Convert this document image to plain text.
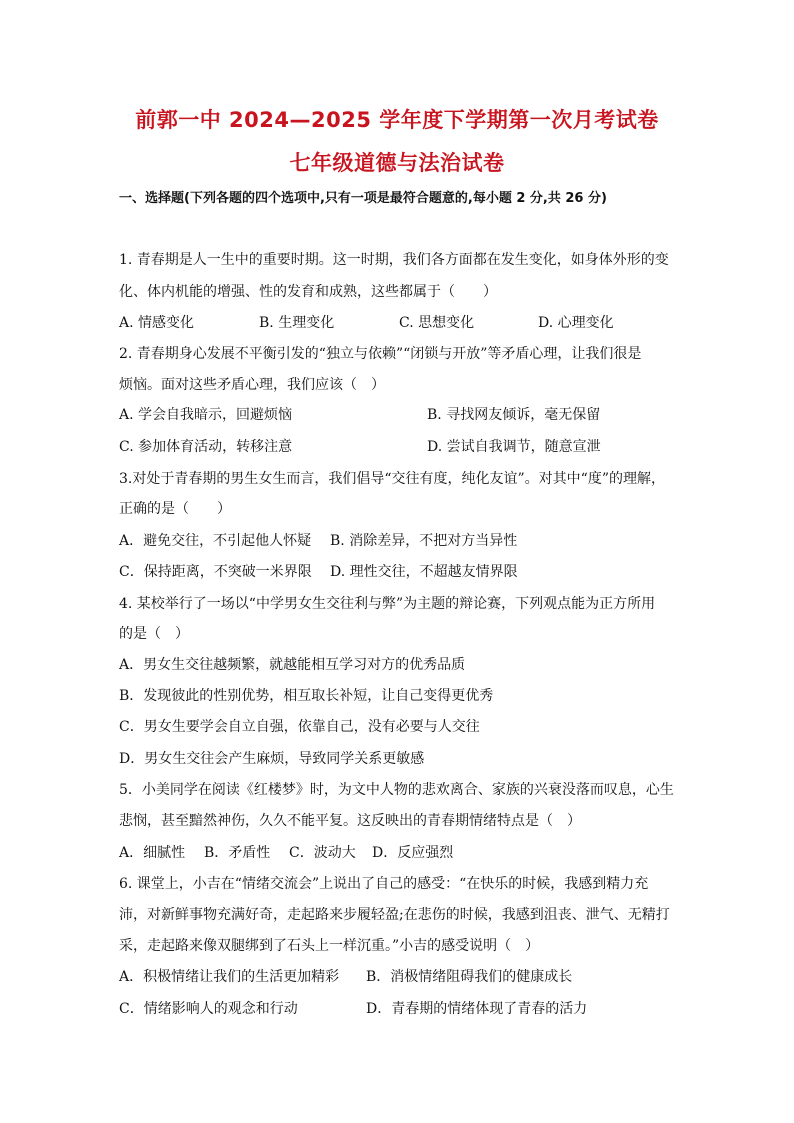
前郭一中 2024—2025 学年度下学期第一次月考试卷
七年级道德与法治试卷
一、选择题(下列各题的四个选项中,只有一项是最符合题意的,每小题 2 分,共 26 分)
1. 青春期是人一生中的重要时期。这一时期，我们各方面都在发生变化，如身体外形的变
化、体内机能的增强、性的发育和成熟，这些都属于（　　）
A. 情感变化	B. 生理变化	C. 思想变化	D. 心理变化
2. 青春期身心发展不平衡引发的“独立与依赖”“闭锁与开放”等矛盾心理，让我们很是
烦恼。面对这些矛盾心理，我们应该（　）
A. 学会自我暗示，回避烦恼	B. 寻找网友倾诉，毫无保留
C. 参加体育活动，转移注意	D. 尝试自我调节，随意宣泄
3.对处于青春期的男生女生而言，我们倡导“交往有度，纯化友谊”。对其中“度”的理解，
正确的是（　　）
A．避免交往，不引起他人怀疑 B. 消除差异，不把对方当异性
C．保持距离，不突破一米界限 D. 理性交往，不超越友情界限
4. 某校举行了一场以“中学男女生交往利与弊”为主题的辩论赛，下列观点能为正方所用
的是（　）
A．男女生交往越频繁，就越能相互学习对方的优秀品质
B．发现彼此的性别优势，相互取长补短，让自己变得更优秀
C．男女生要学会自立自强，依靠自己，没有必要与人交往
D．男女生交往会产生麻烦，导致同学关系更敏感
5．小美同学在阅读《红楼梦》时，为文中人物的悲欢离合、家族的兴衰没落而叹息，心生
悲悯，甚至黯然神伤，久久不能平复。这反映出的青春期情绪特点是（　）
A．细腻性 B．矛盾性 C．波动大 D．反应强烈
6. 课堂上，小吉在“情绪交流会”上说出了自己的感受：“在快乐的时候，我感到精力充
沛，对新鲜事物充满好奇，走起路来步履轻盈;在悲伤的时候，我感到沮丧、泄气、无精打
采，走起路来像双腿绑到了石头上一样沉重。”小吉的感受说明（　）
A．积极情绪让我们的生活更加精彩 B．消极情绪阻碍我们的健康成长
C．情绪影响人的观念和行动	D．青春期的情绪体现了青春的活力
